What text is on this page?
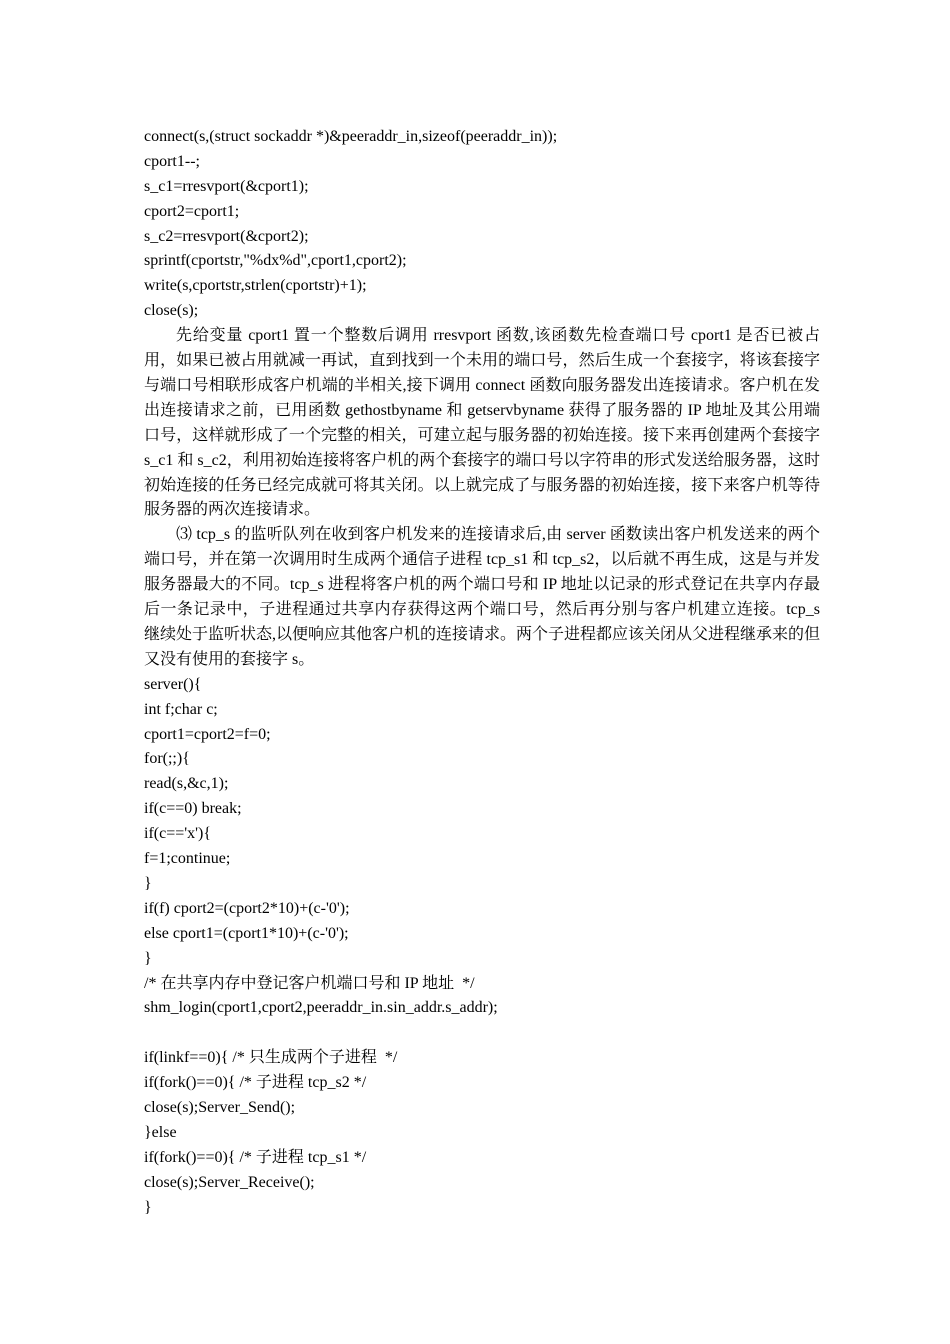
connect(s,(struct sockaddr *)&peeraddr_in,sizeof(peeraddr_in));
cport1--;
s_c1=rresvport(&cport1);
cport2=cport1;
s_c2=rresvport(&cport2);
sprintf(cportstr,"%dx%d",cport1,cport2);
write(s,cportstr,strlen(cportstr)+1);
close(s);

先给变量 cport1 置一个整数后调用 rresvport 函数,该函数先检查端口号 cport1 是否已被占用，如果已被占用就减一再试，直到找到一个未用的端口号，然后生成一个套接字，将该套接字与端口号相联形成客户机端的半相关,接下调用 connect 函数向服务器发出连接请求。客户机在发出连接请求之前，已用函数 gethostbyname 和 getservbyname 获得了服务器的 IP 地址及其公用端口号，这样就形成了一个完整的相关，可建立起与服务器的初始连接。接下来再创建两个套接字 s_c1 和 s_c2，利用初始连接将客户机的两个套接字的端口号以字符串的形式发送给服务器，这时初始连接的任务已经完成就可将其关闭。以上就完成了与服务器的初始连接，接下来客户机等待服务器的两次连接请求。

⑶ tcp_s 的监听队列在收到客户机发来的连接请求后,由 server 函数读出客户机发送来的两个端口号，并在第一次调用时生成两个通信子进程 tcp_s1 和 tcp_s2，以后就不再生成，这是与并发服务器最大的不同。tcp_s 进程将客户机的两个端口号和 IP 地址以记录的形式登记在共享内存最后一条记录中，子进程通过共享内存获得这两个端口号，然后再分别与客户机建立连接。tcp_s 继续处于监听状态,以便响应其他客户机的连接请求。两个子进程都应该关闭从父进程继承来的但又没有使用的套接字 s。

server(){
int f;char c;
cport1=cport2=f=0;
for(;;){
read(s,&c,1);
if(c==0) break;
if(c=='x'){
f=1;continue;
}
if(f) cport2=(cport2*10)+(c-'0');
else cport1=(cport1*10)+(c-'0');
}
/* 在共享内存中登记客户机端口号和 IP 地址  */
shm_login(cport1,cport2,peeraddr_in.sin_addr.s_addr);
if(linkf==0){ /* 只生成两个子进程  */
if(fork()==0){ /* 子进程 tcp_s2 */
close(s);Server_Send();
}else
if(fork()==0){ /* 子进程 tcp_s1 */
close(s);Server_Receive();
}
